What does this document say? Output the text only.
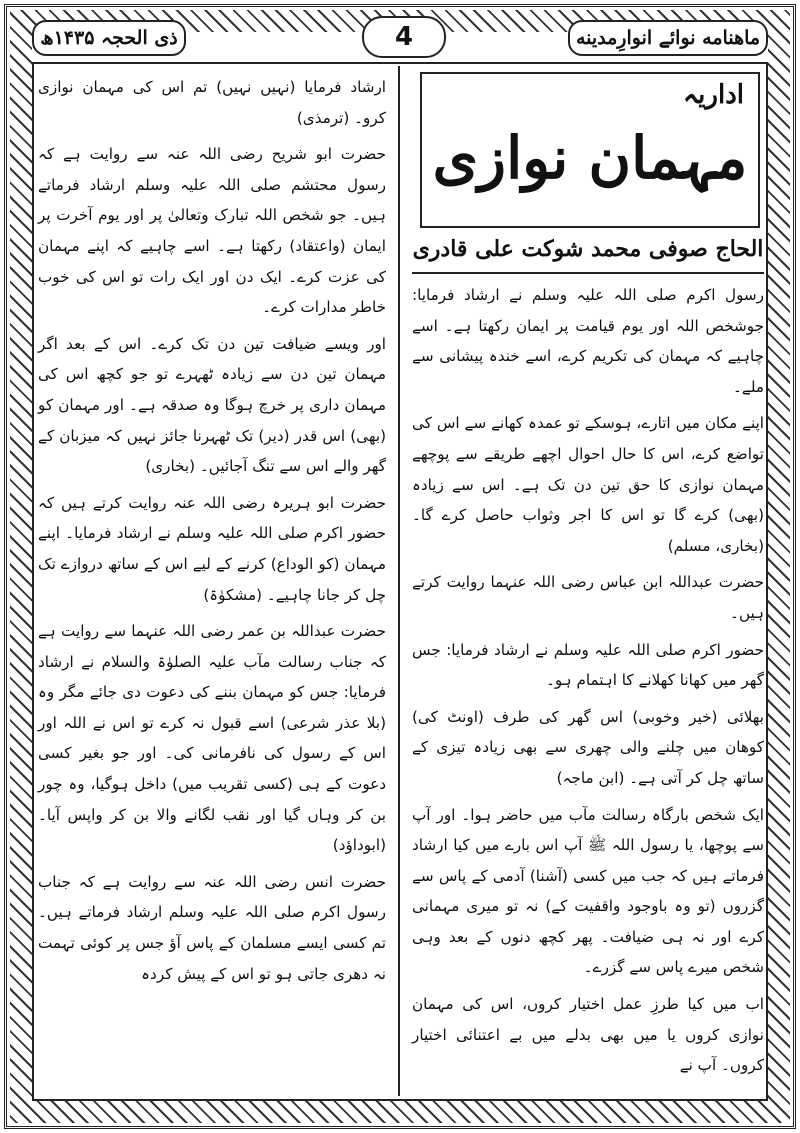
ماهنامه نوائے انوارِمدینه
4
ذی الحجہ ۱۴۳۵ھ
اداریہ
مہمان نوازی
الحاج صوفی محمد شوکت علی قادری

رسول اکرم صلی اللہ علیہ وسلم نے ارشاد فرمایا: جوشخص اللہ اور یوم قیامت پر ایمان رکھتا ہے۔ اسے چاہیے کہ مہمان کی تکریم کرے، اسے خندہ پیشانی سے ملے۔

اپنے مکان میں اتارے، ہوسکے تو عمدہ کھانے سے اس کی تواضع کرے، اس کا حال احوال اچھے طریقے سے پوچھے مہمان نوازی کا حق تین دن تک ہے۔ اس سے زیادہ (بھی) کرے گا تو اس کا اجر وثواب حاصل کرے گا۔ (بخاری، مسلم)

حضرت عبداللہ ابن عباس رضی اللہ عنہما روایت کرتے ہیں۔

حضور اکرم صلی اللہ علیہ وسلم نے ارشاد فرمایا: جس گھر میں کھانا کھلانے کا اہتمام ہو۔

بھلائی (خیر وخوبی) اس گھر کی طرف (اونٹ کی) کوهان میں چلنے والی چھری سے بھی زیادہ تیزی کے ساتھ چل کر آتی ہے۔ (ابن ماجہ)

ایک شخص بارگاہ رسالت مآب میں حاضر ہوا۔ اور آپ سے پوچھا، یا رسول اللہ ﷺ آپ اس بارے میں کیا ارشاد فرماتے ہیں کہ جب میں کسی (آشنا) آدمی کے پاس سے گزروں (تو وہ باوجود واقفیت کے) نہ تو میری مہمانی کرے اور نہ ہی ضیافت۔ پھر کچھ دنوں کے بعد وہی شخص میرے پاس سے گزرے۔

اب میں کیا طرزِ عمل اختیار کروں، اس کی مہمان نوازی کروں یا میں بھی بدلے میں بے اعتنائی اختیار کروں۔ آپ نے

ارشاد فرمایا (نہیں نہیں) تم اس کی مہمان نوازی کرو۔ (ترمذی)

حضرت ابو شریح رضی اللہ عنہ سے روایت ہے کہ رسول محتشم صلی اللہ علیہ وسلم ارشاد فرماتے ہیں۔ جو شخص اللہ تبارک وتعالیٰ پر اور یوم آخرت پر ایمان (واعتقاد) رکھتا ہے۔ اسے چاہیے کہ اپنے مہمان کی عزت کرے۔ ایک دن اور ایک رات تو اس کی خوب خاطر مدارات کرے۔

اور ویسے ضیافت تین دن تک کرے۔ اس کے بعد اگر مہمان تین دن سے زیادہ ٹھہرے تو جو کچھ اس کی مہمان داری پر خرچ ہوگا وہ صدقہ ہے۔ اور مہمان کو (بھی) اس قدر (دیر) تک ٹھہرنا جائز نہیں کہ میزبان کے گھر والے اس سے تنگ آجائیں۔ (بخاری)

حضرت ابو ہریرہ رضی اللہ عنہ روایت کرتے ہیں کہ حضور اکرم صلی اللہ علیہ وسلم نے ارشاد فرمایا۔ اپنے مہمان (کو الوداع) کرنے کے لیے اس کے ساتھ دروازے تک چل کر جانا چاہیے۔ (مشکوٰۃ)

حضرت عبداللہ بن عمر رضی اللہ عنہما سے روایت ہے کہ جناب رسالت مآب علیہ الصلوٰۃ والسلام نے ارشاد فرمایا: جس کو مہمان بننے کی دعوت دی جائے مگر وہ (بلا عذر شرعی) اسے قبول نہ کرے تو اس نے اللہ اور اس کے رسول کی نافرمانی کی۔ اور جو بغیر کسی دعوت کے ہی (کسی تقریب میں) داخل ہوگیا، وہ چور بن کر وہاں گیا اور نقب لگانے والا بن کر واپس آیا۔ (ابوداؤد)

حضرت انس رضی اللہ عنہ سے روایت ہے کہ جناب رسول اکرم صلی اللہ علیہ وسلم ارشاد فرماتے ہیں۔ تم کسی ایسے مسلمان کے پاس آؤ جس پر کوئی تہمت نہ دھری جاتی ہو تو اس کے پیش کردہ
